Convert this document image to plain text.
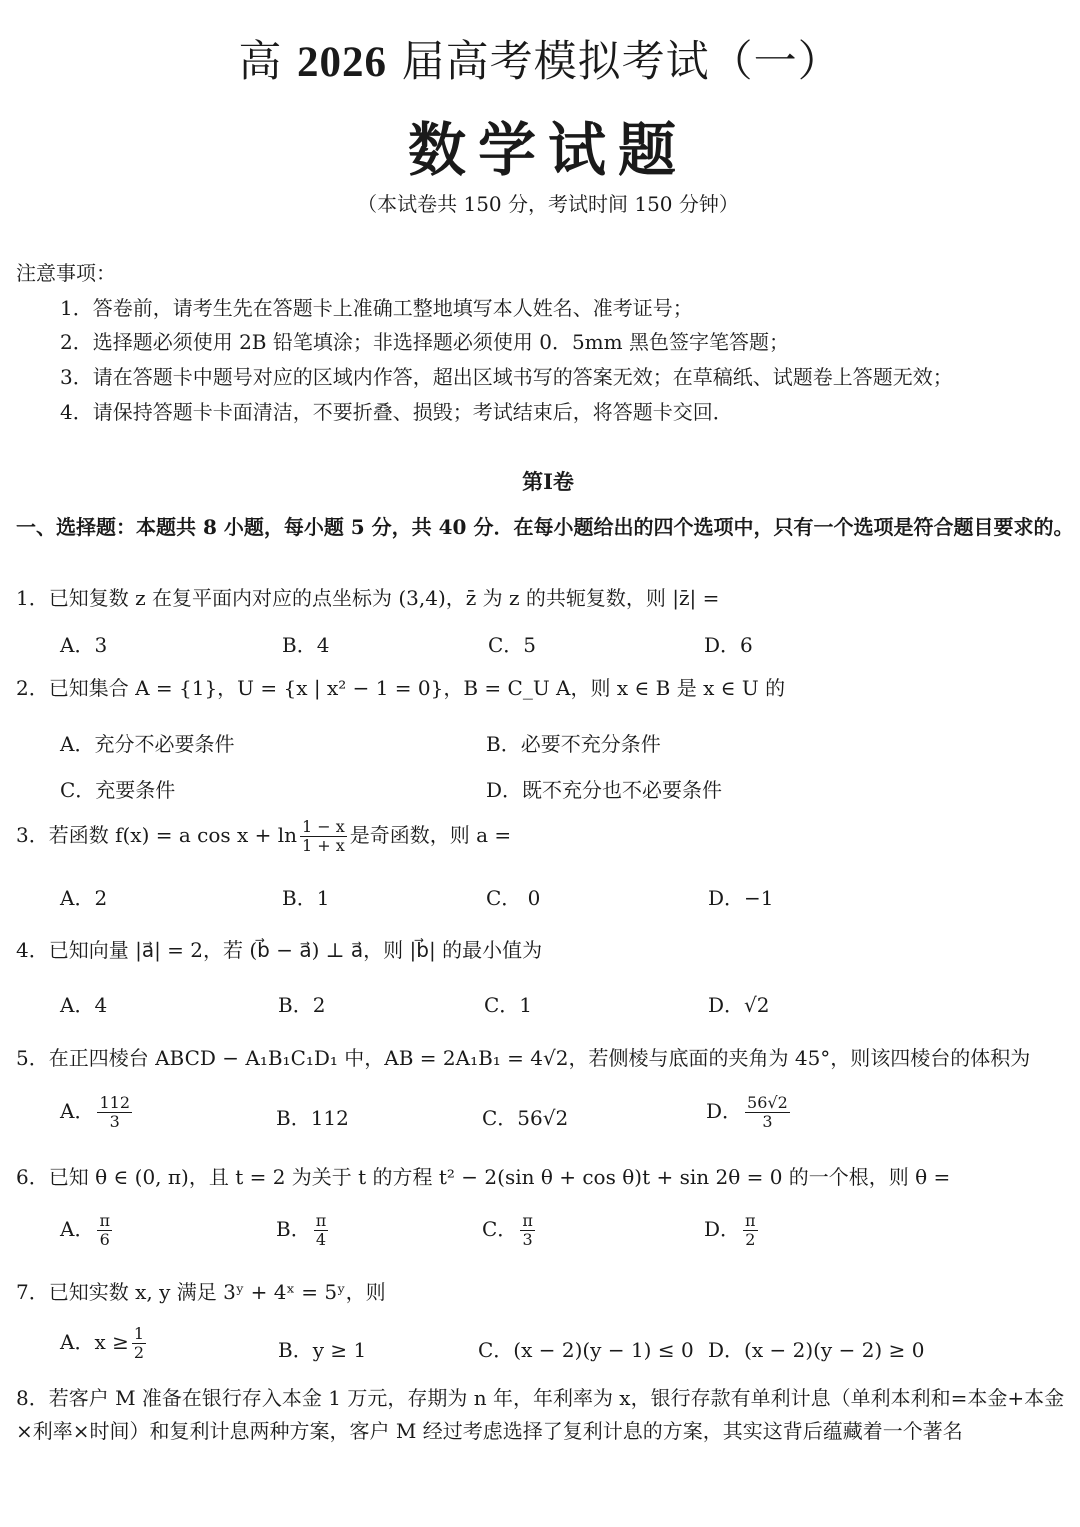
高 2026 届高考模拟考试（一）
数学试题
（本试卷共 150 分，考试时间 150 分钟）
注意事项：
1．答卷前，请考生先在答题卡上准确工整地填写本人姓名、准考证号；
2．选择题必须使用 2B 铅笔填涂；非选择题必须使用 0．5mm 黑色签字笔答题；
3．请在答题卡中题号对应的区域内作答，超出区域书写的答案无效；在草稿纸、试题卷上答题无效；
4．请保持答题卡卡面清洁，不要折叠、损毁；考试结束后，将答题卡交回．
第Ⅰ卷
一、选择题：本题共 8 小题，每小题 5 分，共 40 分．在每小题给出的四个选项中，只有一个选项是符合题目要求的。
1．已知复数 z 在复平面内对应的点坐标为 (3,4)，z̄ 为 z 的共轭复数，则 |z̄| =
A．3	B．4	C．5	D．6
2．已知集合 A = {1}，U = {x | x² − 1 = 0}，B = C_U A，则 x ∈ B 是 x ∈ U 的
A．充分不必要条件	B．必要不充分条件
C．充要条件	D．既不充分也不必要条件
3．若函数 f(x) = a $\cos x + \ln \frac{1 - x}{1 + x}$ 是奇函数，则 a =
A．2	B．1	C． 0	D．−1
4．已知向量 |a⃗| = 2，若 (b⃗ − a⃗) ⊥ a⃗，则 |b⃗| 的最小值为
A．4	B．2	C．1	D．√2
5．在正四棱台 ABCD − A₁B₁C₁D₁ 中，AB = 2A₁B₁ = 4√2，若侧棱与底面的夹角为 45°，则该四棱台的体积为
A． $\frac{112}{3}$	B．112	C．56√2	D． $\frac{56√2}{3}$
6．已知 θ ∈ (0, π)，且 t = 2 为关于 t 的方程 t² − 2(sin θ + cos θ)t + sin 2θ = 0 的一个根，则 θ =
A． $\frac{\pi}{6}$	B． $\frac{\pi}{4}$	C． $\frac{\pi}{3}$	D． $\frac{\pi}{2}$
7．已知实数 x, y 满足 3ʸ + 4ˣ = 5ʸ，则
A．$x \ge \frac{1}{2}$	B．y ≥ 1	C．(x − 2)(y − 1) ≤ 0 D．(x − 2)(y − 2) ≥ 0
8．若客户 M 准备在银行存入本金 1 万元，存期为 n 年，年利率为 x，银行存款有单利计息（单利本利和=本金+本金×利率×时间）和复利计息两种方案，客户 M 经过考虑选择了复利计息的方案，其实这背后蕴藏着一个著名
